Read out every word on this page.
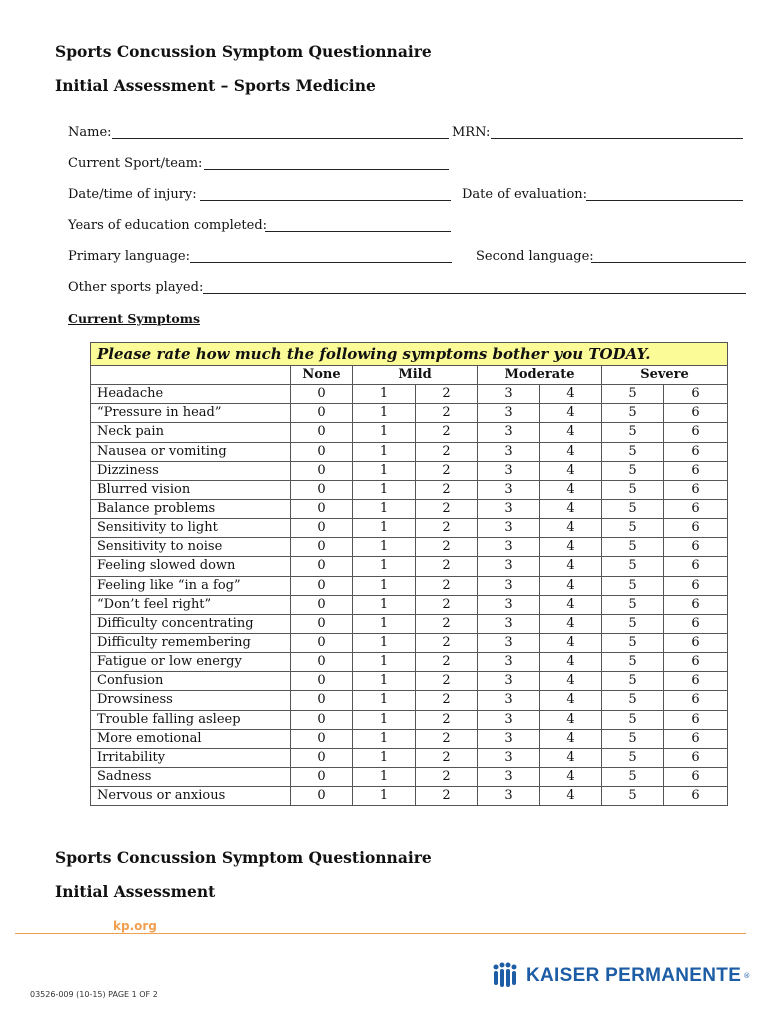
Sports Concussion Symptom Questionnaire
Initial Assessment – Sports Medicine
Name:	MRN:
Current Sport/team:
Date/time of injury:	Date of evaluation:
Years of education completed:
Primary language:	Second language:
Other sports played:
Current Symptoms
Please rate how much the following symptoms bother you TODAY.							
	None	Mild		Moderate		Severe	
Headache	0	1	2	3	4	5	6
“Pressure in head”	0	1	2	3	4	5	6
Neck pain	0	1	2	3	4	5	6
Nausea or vomiting	0	1	2	3	4	5	6
Dizziness	0	1	2	3	4	5	6
Blurred vision	0	1	2	3	4	5	6
Balance problems	0	1	2	3	4	5	6
Sensitivity to light	0	1	2	3	4	5	6
Sensitivity to noise	0	1	2	3	4	5	6
Feeling slowed down	0	1	2	3	4	5	6
Feeling like “in a fog”	0	1	2	3	4	5	6
“Don’t feel right”	0	1	2	3	4	5	6
Difficulty concentrating	0	1	2	3	4	5	6
Difficulty remembering	0	1	2	3	4	5	6
Fatigue or low energy	0	1	2	3	4	5	6
Confusion	0	1	2	3	4	5	6
Drowsiness	0	1	2	3	4	5	6
Trouble falling asleep	0	1	2	3	4	5	6
More emotional	0	1	2	3	4	5	6
Irritability	0	1	2	3	4	5	6
Sadness	0	1	2	3	4	5	6
Nervous or anxious	0	1	2	3	4	5	6
Sports Concussion Symptom Questionnaire
Initial Assessment
kp.org
03526-009 (10-15) PAGE 1 OF 2
KAISER PERMANENTE ®
